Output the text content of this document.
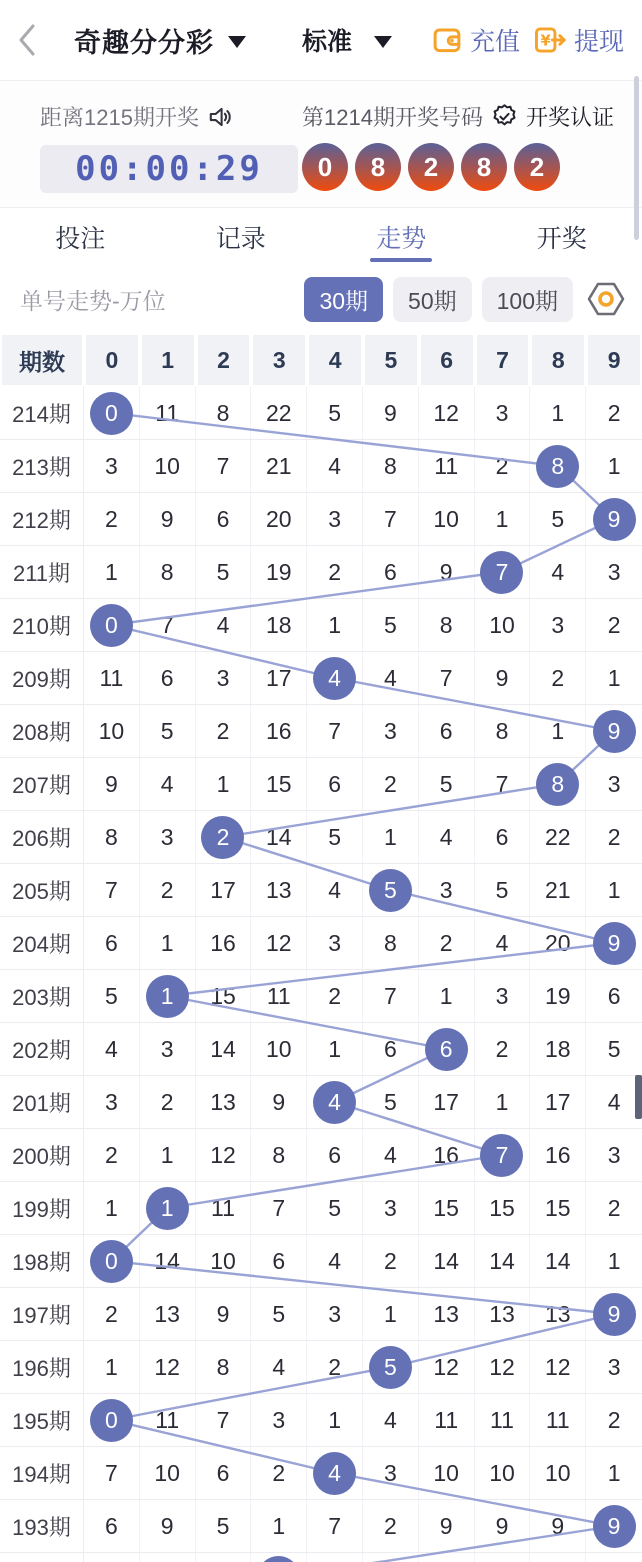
奇趣分分彩	标准	充值 ¥ 提现
距离1215期开奖
00:00:29
第1214期开奖号码 开奖认证
0	8	2	8	2
投注	记录	走势	开奖
单号走势-万位	30期	50期	100期
期数	0	1	2	3	4	5	6	7	8	9
214期	0	11	8	22	5	9	12	3	1	2
213期	3	10	7	21	4	8	11	2	8	1
212期	2	9	6	20	3	7	10	1	5	9
211期	1	8	5	19	2	6	9	7	4	3
210期	0	7	4	18	1	5	8	10	3	2
209期	11	6	3	17	4	4	7	9	2	1
208期	10	5	2	16	7	3	6	8	1	9
207期	9	4	1	15	6	2	5	7	8	3
206期	8	3	2	14	5	1	4	6	22	2
205期	7	2	17	13	4	5	3	5	21	1
204期	6	1	16	12	3	8	2	4	20	9
203期	5	1	15	11	2	7	1	3	19	6
202期	4	3	14	10	1	6	6	2	18	5
201期	3	2	13	9	4	5	17	1	17	4
200期	2	1	12	8	6	4	16	7	16	3
199期	1	1	11	7	5	3	15	15	15	2
198期	0	14	10	6	4	2	14	14	14	1
197期	2	13	9	5	3	1	13	13	13	9
196期	1	12	8	4	2	5	12	12	12	3
195期	0	11	7	3	1	4	11	11	11	2
194期	7	10	6	2	4	3	10	10	10	1
193期	6	9	5	1	7	2	9	9	9	9
